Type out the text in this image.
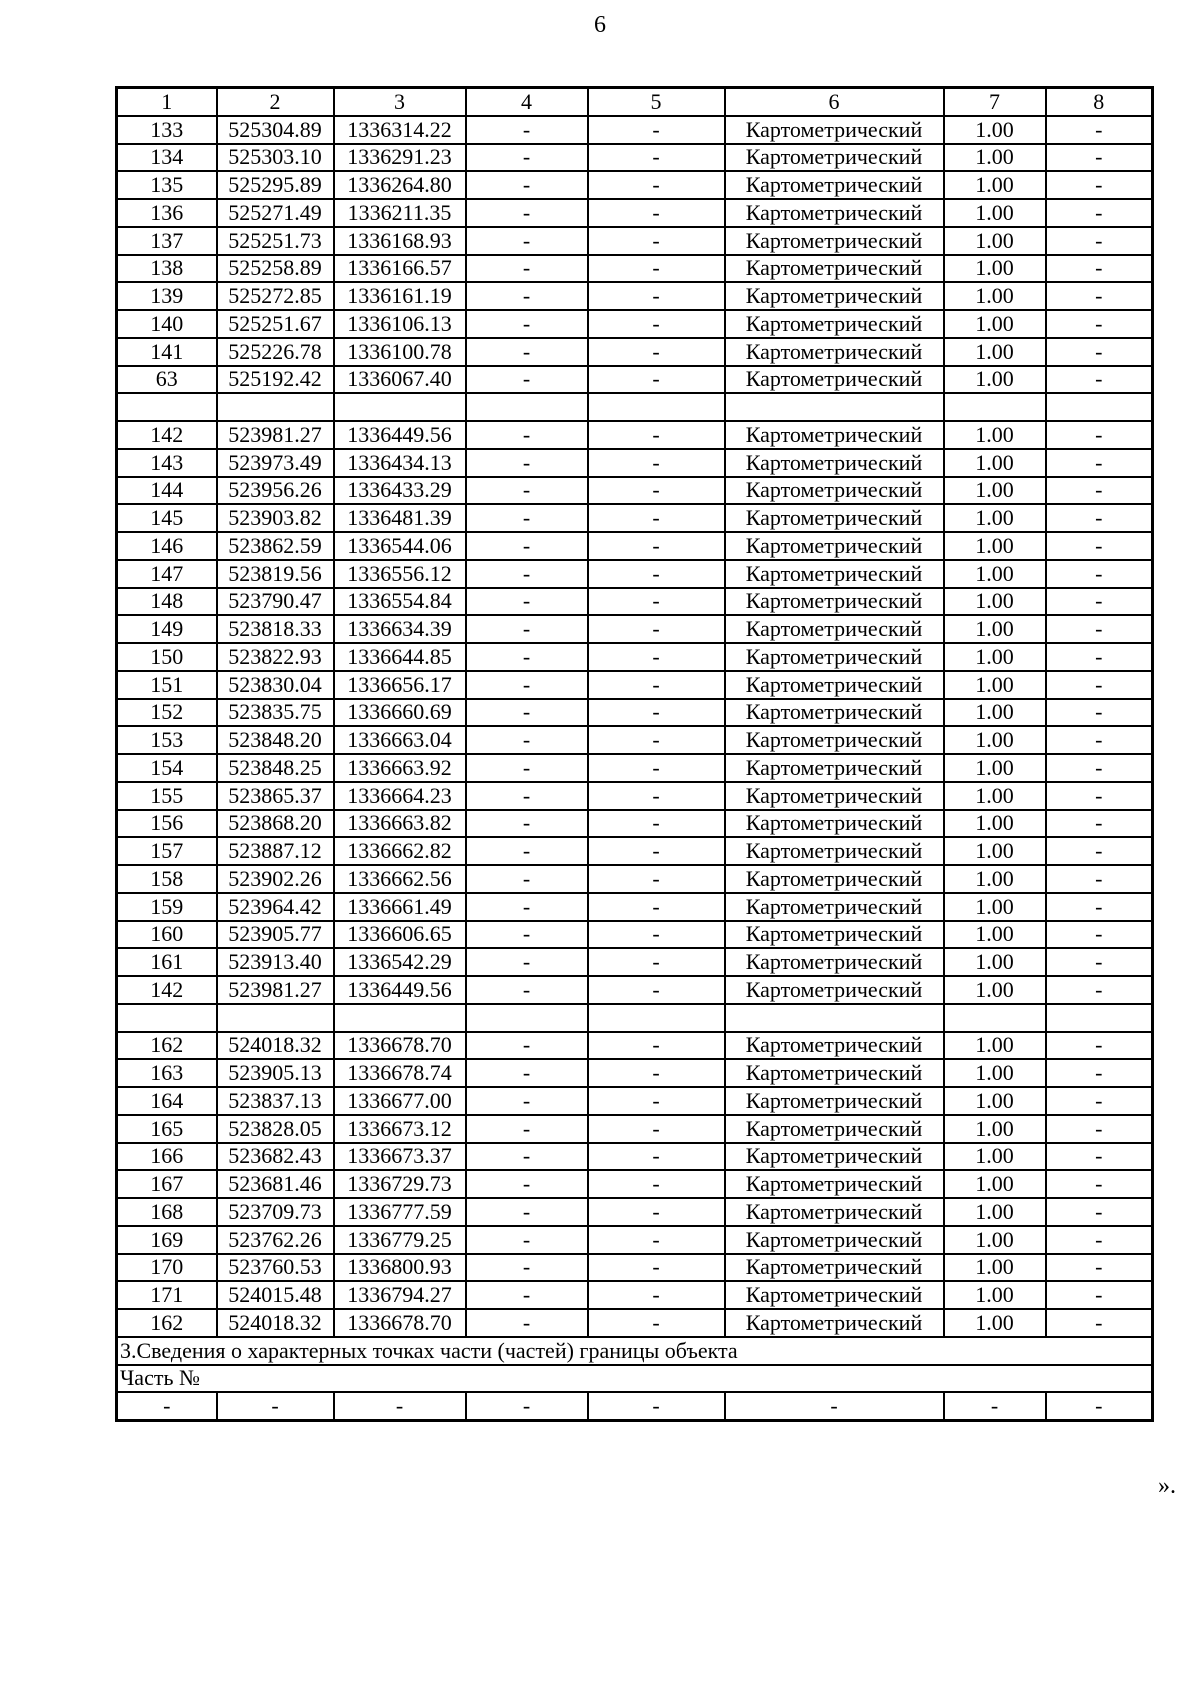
6
1	2	3	4	5	6	7	8
133	525304.89	1336314.22	-	-	Картометрический	1.00	-
134	525303.10	1336291.23	-	-	Картометрический	1.00	-
135	525295.89	1336264.80	-	-	Картометрический	1.00	-
136	525271.49	1336211.35	-	-	Картометрический	1.00	-
137	525251.73	1336168.93	-	-	Картометрический	1.00	-
138	525258.89	1336166.57	-	-	Картометрический	1.00	-
139	525272.85	1336161.19	-	-	Картометрический	1.00	-
140	525251.67	1336106.13	-	-	Картометрический	1.00	-
141	525226.78	1336100.78	-	-	Картометрический	1.00	-
63	525192.42	1336067.40	-	-	Картометрический	1.00	-

142	523981.27	1336449.56	-	-	Картометрический	1.00	-
143	523973.49	1336434.13	-	-	Картометрический	1.00	-
144	523956.26	1336433.29	-	-	Картометрический	1.00	-
145	523903.82	1336481.39	-	-	Картометрический	1.00	-
146	523862.59	1336544.06	-	-	Картометрический	1.00	-
147	523819.56	1336556.12	-	-	Картометрический	1.00	-
148	523790.47	1336554.84	-	-	Картометрический	1.00	-
149	523818.33	1336634.39	-	-	Картометрический	1.00	-
150	523822.93	1336644.85	-	-	Картометрический	1.00	-
151	523830.04	1336656.17	-	-	Картометрический	1.00	-
152	523835.75	1336660.69	-	-	Картометрический	1.00	-
153	523848.20	1336663.04	-	-	Картометрический	1.00	-
154	523848.25	1336663.92	-	-	Картометрический	1.00	-
155	523865.37	1336664.23	-	-	Картометрический	1.00	-
156	523868.20	1336663.82	-	-	Картометрический	1.00	-
157	523887.12	1336662.82	-	-	Картометрический	1.00	-
158	523902.26	1336662.56	-	-	Картометрический	1.00	-
159	523964.42	1336661.49	-	-	Картометрический	1.00	-
160	523905.77	1336606.65	-	-	Картометрический	1.00	-
161	523913.40	1336542.29	-	-	Картометрический	1.00	-
142	523981.27	1336449.56	-	-	Картометрический	1.00	-

162	524018.32	1336678.70	-	-	Картометрический	1.00	-
163	523905.13	1336678.74	-	-	Картометрический	1.00	-
164	523837.13	1336677.00	-	-	Картометрический	1.00	-
165	523828.05	1336673.12	-	-	Картометрический	1.00	-
166	523682.43	1336673.37	-	-	Картометрический	1.00	-
167	523681.46	1336729.73	-	-	Картометрический	1.00	-
168	523709.73	1336777.59	-	-	Картометрический	1.00	-
169	523762.26	1336779.25	-	-	Картометрический	1.00	-
170	523760.53	1336800.93	-	-	Картометрический	1.00	-
171	524015.48	1336794.27	-	-	Картометрический	1.00	-
162	524018.32	1336678.70	-	-	Картометрический	1.00	-
3.Сведения о характерных точках части (частей) границы объекта							
Часть №							
-	-	-	-	-	-	-	-
».
